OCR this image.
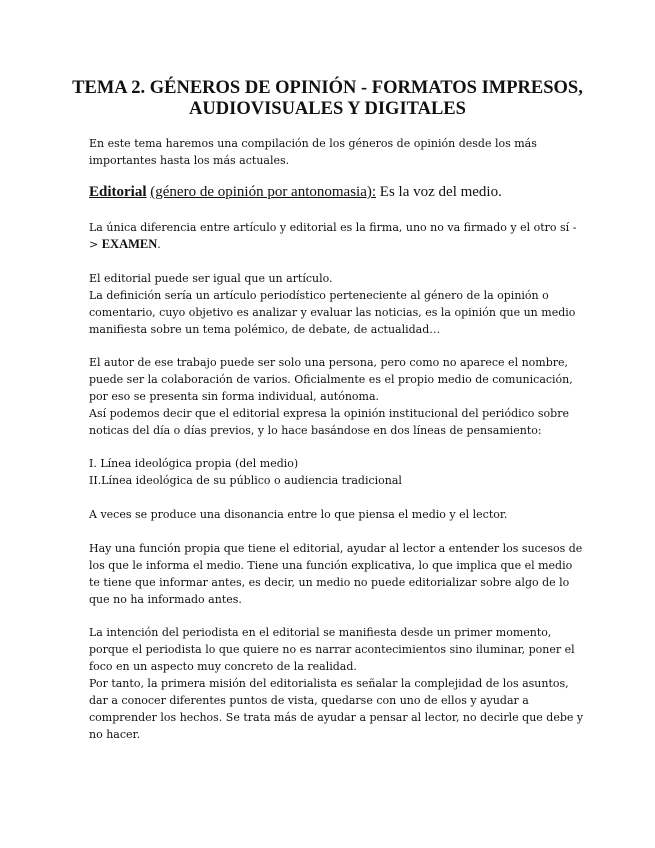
TEMA 2. GÉNEROS DE OPINIÓN - FORMATOS IMPRESOS,
AUDIOVISUALES Y DIGITALES

En este tema haremos una compilación de los géneros de opinión desde los más

importantes hasta los más actuales.

Editorial (género de opinión por antonomasia): Es la voz del medio.

La única diferencia entre artículo y editorial es la firma, uno no va firmado y el otro sí -

> EXAMEN.

El editorial puede ser igual que un artículo.

La definición sería un artículo periodístico perteneciente al género de la opinión o

comentario, cuyo objetivo es analizar y evaluar las noticias, es la opinión que un medio

manifiesta sobre un tema polémico, de debate, de actualidad…

El autor de ese trabajo puede ser solo una persona, pero como no aparece el nombre,

puede ser la colaboración de varios. Oficialmente es el propio medio de comunicación,

por eso se presenta sin forma individual, autónoma.

Así podemos decir que el editorial expresa la opinión institucional del periódico sobre

noticas del día o días previos, y lo hace basándose en dos líneas de pensamiento:

I. Línea ideológica propia (del medio)

II.Línea ideológica de su público o audiencia tradicional

A veces se produce una disonancia entre lo que piensa el medio y el lector.

Hay una función propia que tiene el editorial, ayudar al lector a entender los sucesos de

los que le informa el medio. Tiene una función explicativa, lo que implica que el medio

te tiene que informar antes, es decir, un medio no puede editorializar sobre algo de lo

que no ha informado antes.

La intención del periodista en el editorial se manifiesta desde un primer momento,

porque el periodista lo que quiere no es narrar acontecimientos sino iluminar, poner el

foco en un aspecto muy concreto de la realidad.

Por tanto, la primera misión del editorialista es señalar la complejidad de los asuntos,

dar a conocer diferentes puntos de vista, quedarse con uno de ellos y ayudar a

comprender los hechos. Se trata más de ayudar a pensar al lector, no decirle que debe y

no hacer.
